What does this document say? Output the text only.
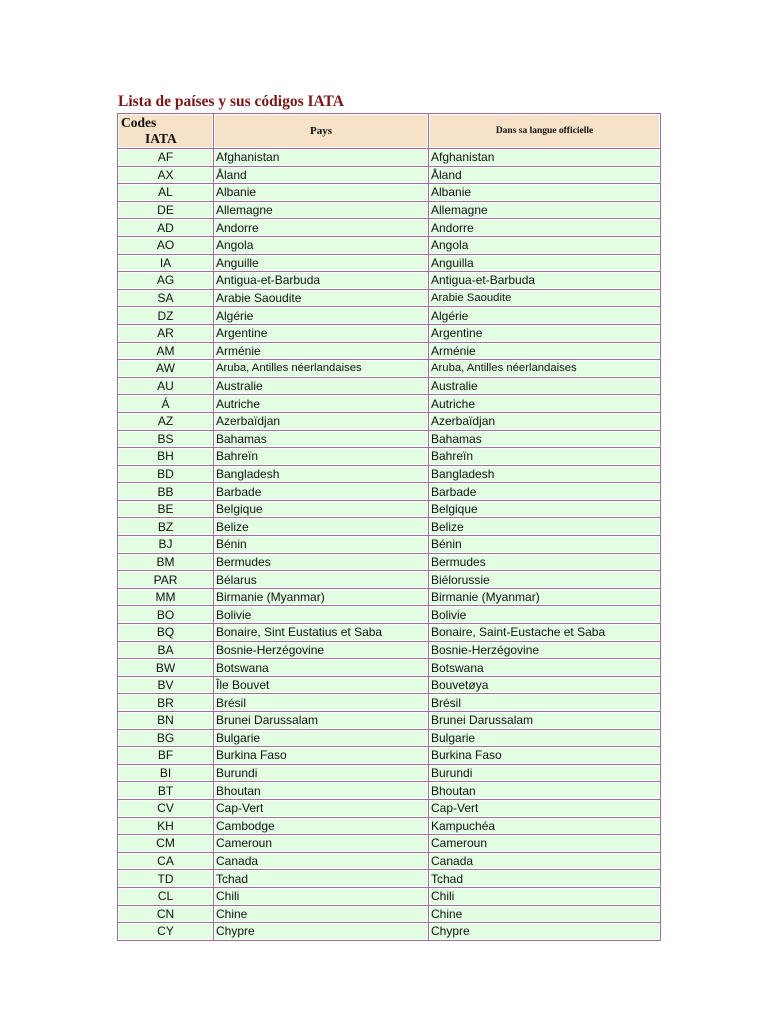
Lista de países y sus códigos IATA
Codes
IATA	Pays	Dans sa langue officielle
AF	Afghanistan	Afghanistan
AX	Åland	Åland
AL	Albanie	Albanie
DE	Allemagne	Allemagne
AD	Andorre	Andorre
AO	Angola	Angola
IA	Anguille	Anguilla
AG	Antigua-et-Barbuda	Antigua-et-Barbuda
SA	Arabie Saoudite	Arabie Saoudite
DZ	Algérie	Algérie
AR	Argentine	Argentine
AM	Arménie	Arménie
AW	Aruba, Antilles néerlandaises	Aruba, Antilles néerlandaises
AU	Australie	Australie
Á	Autriche	Autriche
AZ	Azerbaïdjan	Azerbaïdjan
BS	Bahamas	Bahamas
BH	Bahreïn	Bahreïn
BD	Bangladesh	Bangladesh
BB	Barbade	Barbade
BE	Belgique	Belgique
BZ	Belize	Belize
BJ	Bénin	Bénin
BM	Bermudes	Bermudes
PAR	Bélarus	Biélorussie
MM	Birmanie (Myanmar)	Birmanie (Myanmar)
BO	Bolivie	Bolivie
BQ	Bonaire, Sint Eustatius et Saba	Bonaire, Saint-Eustache et Saba
BA	Bosnie-Herzégovine	Bosnie-Herzégovine
BW	Botswana	Botswana
BV	Île Bouvet	Bouvetøya
BR	Brésil	Brésil
BN	Brunei Darussalam	Brunei Darussalam
BG	Bulgarie	Bulgarie
BF	Burkina Faso	Burkina Faso
BI	Burundi	Burundi
BT	Bhoutan	Bhoutan
CV	Cap-Vert	Cap-Vert
KH	Cambodge	Kampuchéa
CM	Cameroun	Cameroun
CA	Canada	Canada
TD	Tchad	Tchad
CL	Chili	Chili
CN	Chine	Chine
CY	Chypre	Chypre
